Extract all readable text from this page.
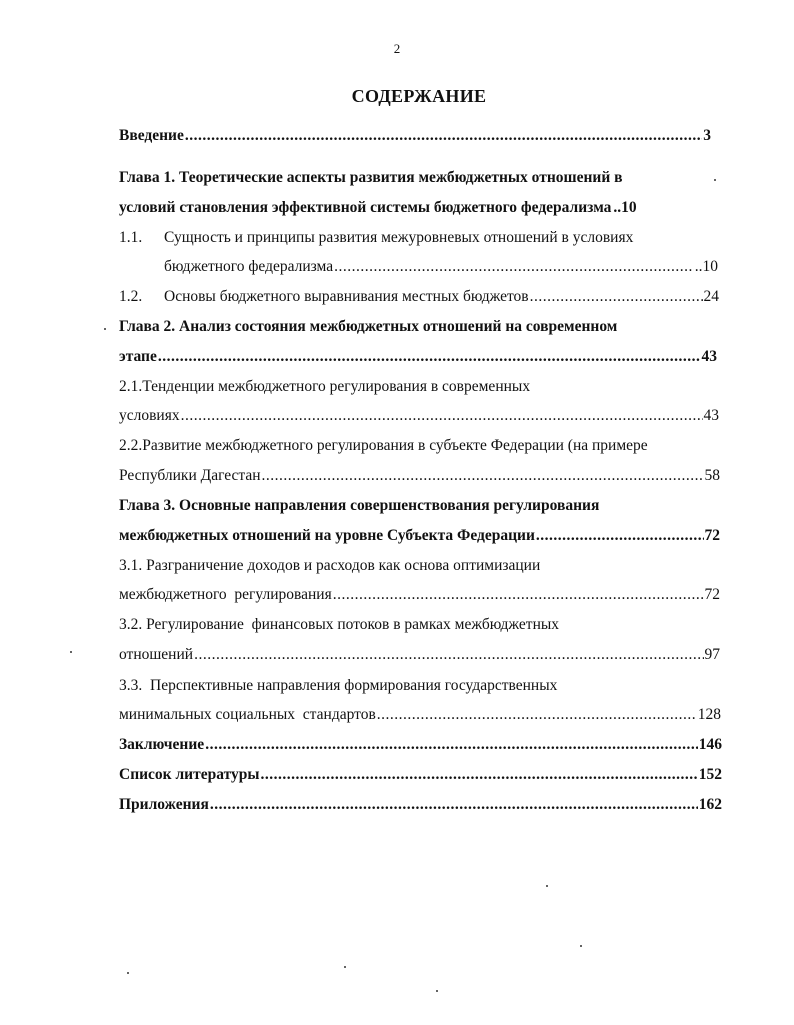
2
СОДЕРЖАНИЕ
Введение .....	3
Глава 1. Теоретические аспекты развития межбюджетных отношений в
условий становления эффективной системы бюджетного федерализма ..10
1.1. Сущность и принципы развития межуровневых отношений в условиях
бюджетного федерализма .....	..10
1.2. Основы бюджетного выравнивания местных бюджетов .....	24
Глава 2. Анализ состояния межбюджетных отношений на современном
этапе .....	43
2.1.Тенденции межбюджетного регулирования в современных
условиях .....	43
2.2.Развитие межбюджетного регулирования в субъекте Федерации (на примере
Республики Дагестан .....	58
Глава 3. Основные направления совершенствования регулирования
межбюджетных отношений на уровне Субъекта Федерации .....	72
3.1. Разграничение доходов и расходов как основа оптимизации
межбюджетного  регулирования .....	72
3.2. Регулирование  финансовых потоков в рамках межбюджетных
отношений .....	97
3.3.  Перспективные направления формирования государственных
минимальных социальных  стандартов .....	128
Заключение .....	146
Список литературы .....	152
Приложения .....	162
